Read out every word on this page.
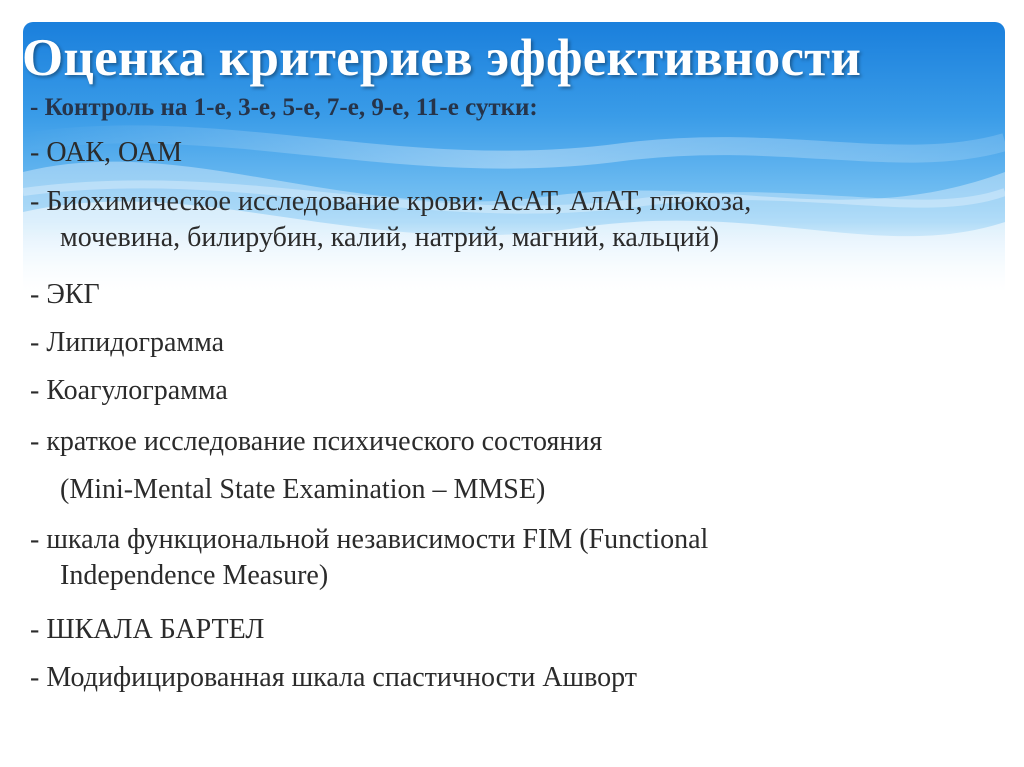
Оценка критериев эффективности
- Контроль на 1-е, 3-е, 5-е, 7-е, 9-е, 11-е сутки:
- ОАК, ОАМ
- Биохимическое исследование крови: АсАТ, АлАТ, глюкоза,
мочевина, билирубин, калий, натрий, магний, кальций)
- ЭКГ
- Липидограмма
- Коагулограмма
- краткое исследование психического состояния
(Mini-Mental State Examination – MMSE)
- шкала функциональной независимости FIM (Functional
Independence Measure)
- ШКАЛА БАРТЕЛ
- Модифицированная шкала спастичности Ашворт
